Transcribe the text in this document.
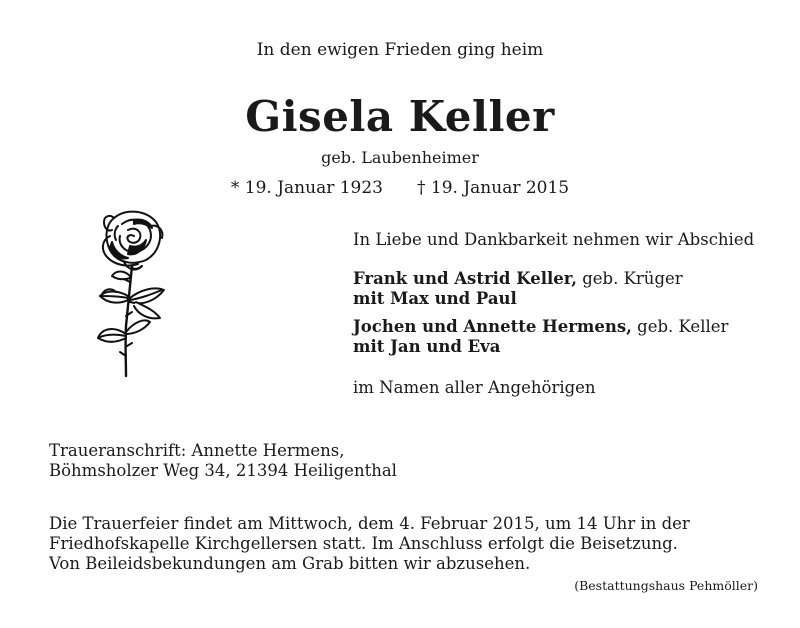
In den ewigen Frieden ging heim
Gisela Keller
geb. Laubenheimer
* 19. Januar 1923 † 19. Januar 2015

In Liebe und Dankbarkeit nehmen wir Abschied

Frank und Astrid Keller, geb. Krüger

mit Max und Paul

Jochen und Annette Hermens, geb. Keller

mit Jan und Eva

im Namen aller Angehörigen

Traueranschrift: Annette Hermens,
Böhmsholzer Weg 34, 21394 Heiligenthal
Die Trauerfeier findet am Mittwoch, dem 4. Februar 2015, um 14 Uhr in der
Friedhofskapelle Kirchgellersen statt. Im Anschluss erfolgt die Beisetzung.
Von Beileidsbekundungen am Grab bitten wir abzusehen.
(Bestattungshaus Pehmöller)
